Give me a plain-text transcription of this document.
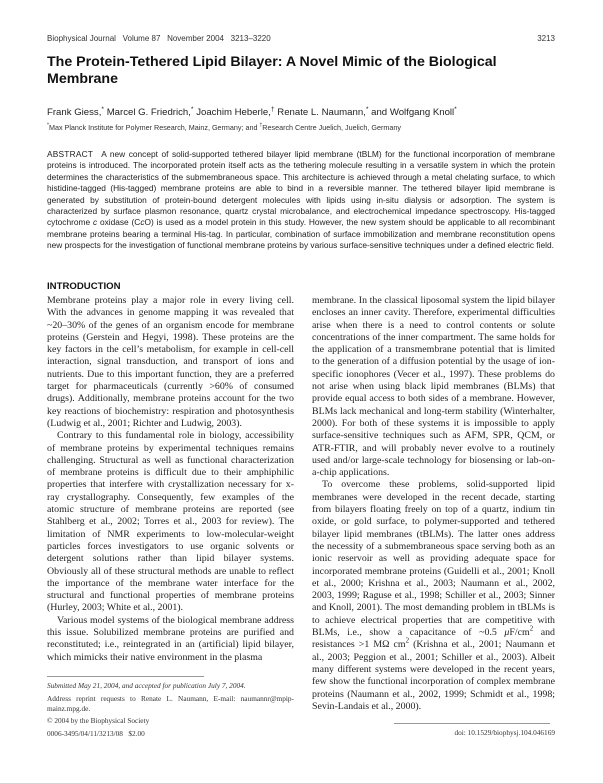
Biophysical Journal   Volume 87   November 2004   3213–3220	3213
The Protein-Tethered Lipid Bilayer: A Novel Mimic of the Biological Membrane
Frank Giess,* Marcel G. Friedrich,* Joachim Heberle,† Renate L. Naumann,* and Wolfgang Knoll*
*Max Planck Institute for Polymer Research, Mainz, Germany; and †Research Centre Juelich, Juelich, Germany
ABSTRACT A new concept of solid-supported tethered bilayer lipid membrane (tBLM) for the functional incorporation of membrane proteins is introduced. The incorporated protein itself acts as the tethering molecule resulting in a versatile system in which the protein determines the characteristics of the submembraneous space. This architecture is achieved through a metal chelating surface, to which histidine-tagged (His-tagged) membrane proteins are able to bind in a reversible manner. The tethered bilayer lipid membrane is generated by substitution of protein-bound detergent molecules with lipids using in-situ dialysis or adsorption. The system is characterized by surface plasmon resonance, quartz crystal microbalance, and electrochemical impedance spectroscopy. His-tagged cytochrome c oxidase (CcO) is used as a model protein in this study. However, the new system should be applicable to all recombinant membrane proteins bearing a terminal His-tag. In particular, combination of surface immobilization and membrane reconstitution opens new prospects for the investigation of functional membrane proteins by various surface-sensitive techniques under a defined electric field.
INTRODUCTION

Membrane proteins play a major role in every living cell. With the advances in genome mapping it was revealed that ~20–30% of the genes of an organism encode for membrane proteins (Gerstein and Hegyi, 1998). These proteins are the key factors in the cell’s metabolism, for example in cell-cell interaction, signal transduction, and transport of ions and nutrients. Due to this important function, they are a preferred target for pharmaceuticals (currently >60% of consumed drugs). Additionally, membrane proteins account for the two key reactions of biochemistry: respiration and photosynthesis (Ludwig et al., 2001; Richter and Ludwig, 2003).

Contrary to this fundamental role in biology, accessibility of membrane proteins by experimental techniques remains challenging. Structural as well as functional characterization of membrane proteins is difficult due to their amphiphilic properties that interfere with crystallization necessary for x-ray crystallography. Consequently, few examples of the atomic structure of membrane proteins are reported (see Stahlberg et al., 2002; Torres et al., 2003 for review). The limitation of NMR experiments to low-molecular-weight particles forces investigators to use organic solvents or detergent solutions rather than lipid bilayer systems. Obviously all of these structural methods are unable to reflect the importance of the membrane water interface for the structural and functional properties of membrane proteins (Hurley, 2003; White et al., 2001).

Various model systems of the biological membrane address this issue. Solubilized membrane proteins are purified and reconstituted; i.e., reintegrated in an (artificial) lipid bilayer, which mimicks their native environment in the plasma

membrane. In the classical liposomal system the lipid bilayer encloses an inner cavity. Therefore, experimental difficulties arise when there is a need to control contents or solute concentrations of the inner compartment. The same holds for the application of a transmembrane potential that is limited to the generation of a diffusion potential by the usage of ion-specific ionophores (Vecer et al., 1997). These problems do not arise when using black lipid membranes (BLMs) that provide equal access to both sides of a membrane. However, BLMs lack mechanical and long-term stability (Winterhalter, 2000). For both of these systems it is impossible to apply surface-sensitive techniques such as AFM, SPR, QCM, or ATR-FTIR, and will probably never evolve to a routinely used and/or large-scale technology for biosensing or lab-on-a-chip applications.

To overcome these problems, solid-supported lipid membranes were developed in the recent decade, starting from bilayers floating freely on top of a quartz, indium tin oxide, or gold surface, to polymer-supported and tethered bilayer lipid membranes (tBLMs). The latter ones address the necessity of a submembraneous space serving both as an ionic reservoir as well as providing adequate space for incorporated membrane proteins (Guidelli et al., 2001; Knoll et al., 2000; Krishna et al., 2003; Naumann et al., 2002, 2003, 1999; Raguse et al., 1998; Schiller et al., 2003; Sinner and Knoll, 2001). The most demanding problem in tBLMs is to achieve electrical properties that are competitive with BLMs, i.e., show a capacitance of ~0.5 $\mu F/cm^2$ and resistances >1 MΩ $cm^2$ (Krishna et al., 2001; Naumann et al., 2003; Peggion et al., 2001; Schiller et al., 2003). Albeit many different systems were developed in the recent years, few show the functional incorporation of complex membrane proteins (Naumann et al., 2002, 1999; Schmidt et al., 1998; Sevin-Landais et al., 2000).

Submitted May 21, 2004, and accepted for publication July 7, 2004.
Address reprint requests to Renate L. Naumann, E-mail: naumannr@mpip-mainz.mpg.de.
© 2004 by the Biophysical Society
0006-3495/04/11/3213/08   $2.00	doi: 10.1529/biophysj.104.046169
